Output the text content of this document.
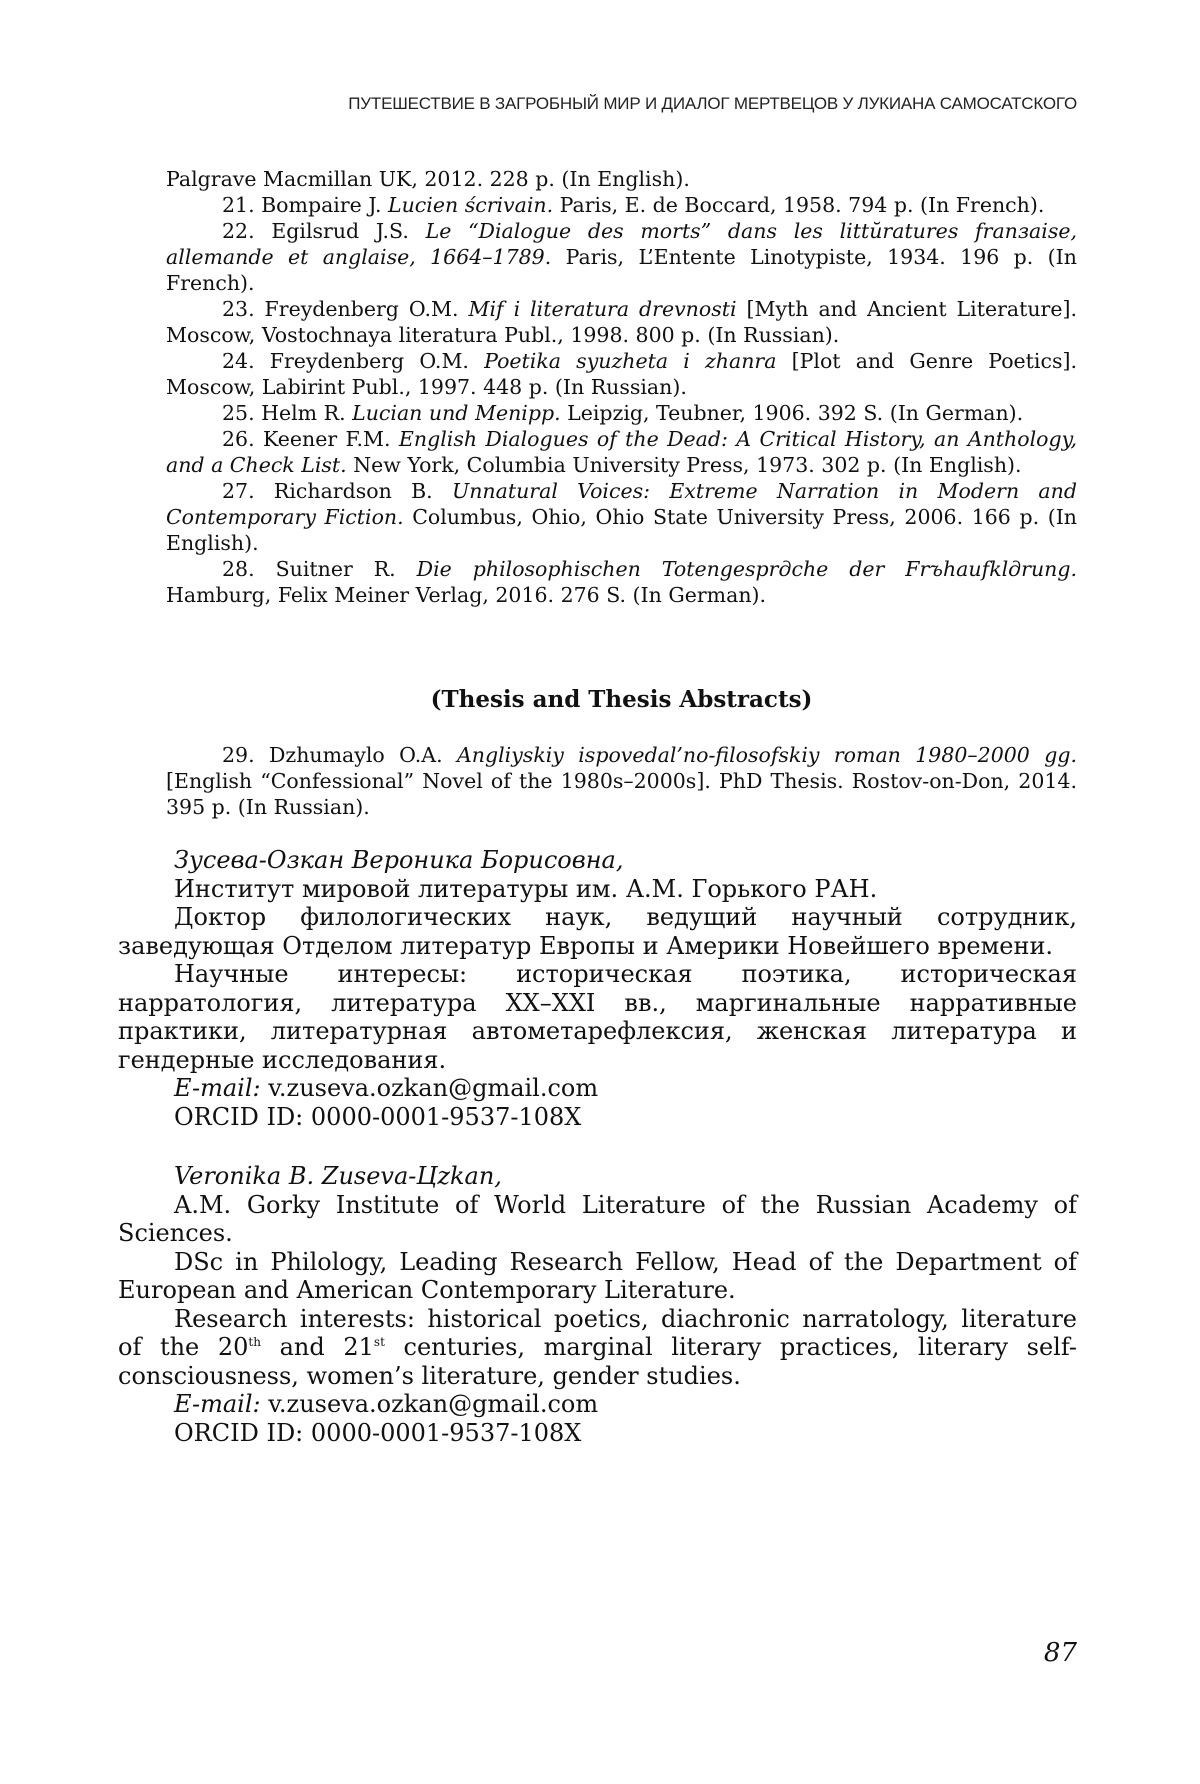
ПУТЕШЕСТВИЕ В ЗАГРОБНЫЙ МИР И ДИАЛОГ МЕРТВЕЦОВ У ЛУКИАНА САМОСАТСКОГО

Palgrave Macmillan UK, 2012. 228 p. (In English).

21. Bompaire J. Lucien ścrivain. Paris, E. de Boccard, 1958. 794 p. (In French).

22. Egilsrud J.S. Le “Dialogue des morts” dans les littŭratures franзaise, allemande et anglaise, 1664–1789. Paris, L’Entente Linotypiste, 1934. 196 p. (In French).

23. Freydenberg O.M. Mif i literatura drevnosti [Myth and Ancient Literature]. Moscow, Vostochnaya literatura Publ., 1998. 800 p. (In Russian).

24. Freydenberg O.M. Poetika syuzheta i zhanra [Plot and Genre Poetics]. Moscow, Labirint Publ., 1997. 448 p. (In Russian).

25. Helm R. Lucian und Menipp. Leipzig, Teubner, 1906. 392 S. (In German).

26. Keener F.M. English Dialogues of the Dead: A Critical History, an Anthology, and a Check List. New York, Columbia University Press, 1973. 302 p. (In English).

27. Richardson B. Unnatural Voices: Extreme Narration in Modern and Contemporary Fiction. Columbus, Ohio, Ohio State University Press, 2006. 166 p. (In English).

28. Suitner R. Die philosophischen Totengesprдche der Frъhaufklдrung. Hamburg, Felix Meiner Verlag, 2016. 276 S. (In German).

(Thesis and Thesis Abstracts)

29. Dzhumaylo O.A. Angliyskiy ispovedal’no-filosofskiy roman 1980–2000 gg. [English “Confessional” Novel of the 1980s–2000s]. PhD Thesis. Rostov-on-Don, 2014. 395 p. (In Russian).

Зусева-Озкан Вероника Борисовна,

Институт мировой литературы им. А.М. Горького РАН.

Доктор филологических наук, ведущий научный сотрудник, заведующая Отделом литератур Европы и Америки Новейшего времени.

Научные интересы: историческая поэтика, историческая нарратология, литература XX–XXI вв., маргинальные нарративные практики, литературная автометарефлексия, женская литература и гендерные исследования.

E-mail: v.zuseva.ozkan@gmail.com

ORCID ID: 0000-0001-9537-108X

Veronika B. Zuseva-Цzkan,

A.M. Gorky Institute of World Literature of the Russian Academy of Sciences.

DSc in Philology, Leading Research Fellow, Head of the Department of European and American Contemporary Literature.

Research interests: historical poetics, diachronic narratology, literature of the 20th and 21st centuries, marginal literary practices, literary self-consciousness, women’s literature, gender studies.

E-mail: v.zuseva.ozkan@gmail.com

ORCID ID: 0000-0001-9537-108X

87
